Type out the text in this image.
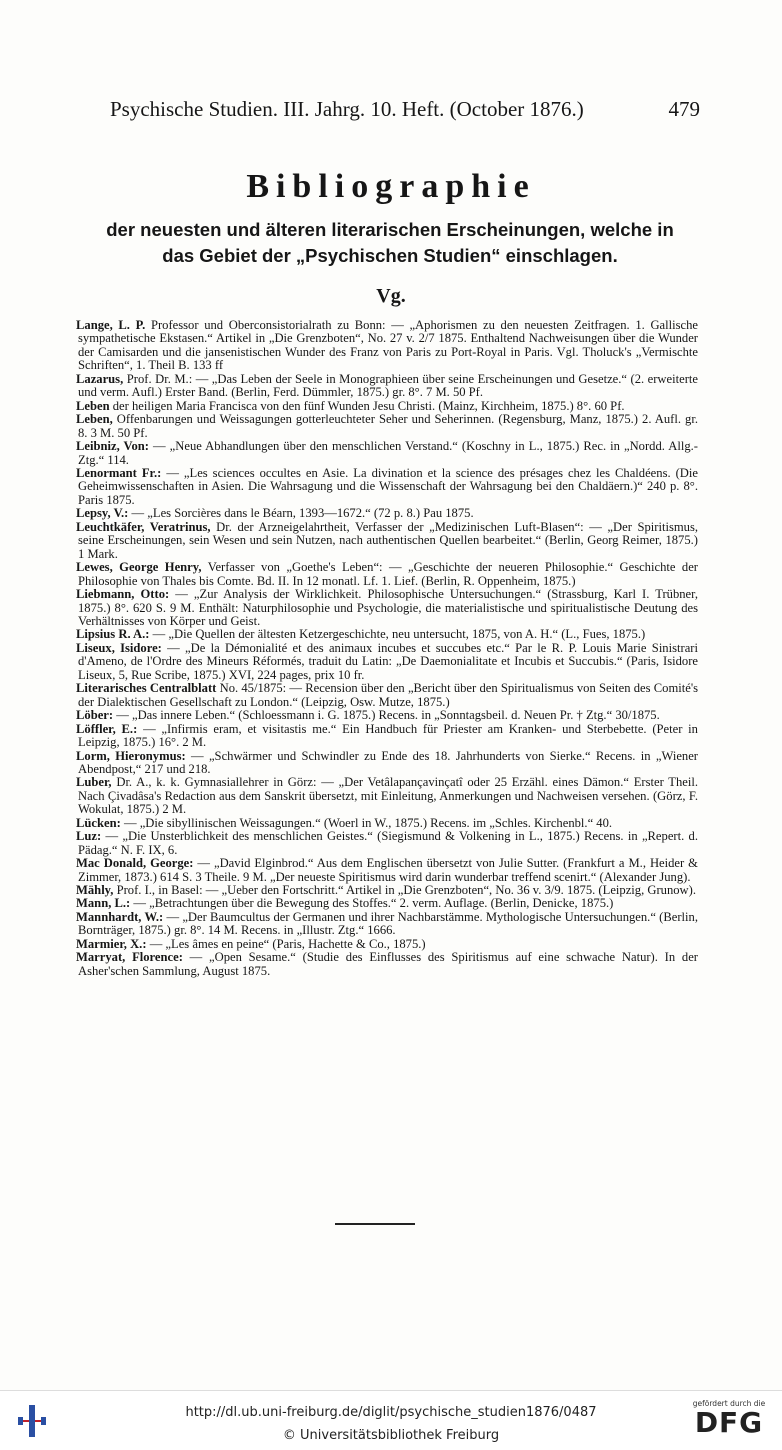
Psychische Studien. III. Jahrg. 10. Heft. (October 1876.)	479
Bibliographie
der neuesten und älteren literarischen Erscheinungen, welche in
das Gebiet der „Psychischen Studien“ einschlagen.
Vg.

Lange, L. P. Professor und Oberconsistorialrath zu Bonn: — „Aphorismen zu den neuesten Zeitfragen. 1. Gallische sympathetische Ekstasen.“ Artikel in „Die Grenzboten“, No. 27 v. 2/7 1875. Enthaltend Nachweisungen über die Wunder der Camisarden und die jansenistischen Wunder des Franz von Paris zu Port-Royal in Paris. Vgl. Tholuck's „Vermischte Schriften“, 1. Theil B. 133 ff

Lazarus, Prof. Dr. M.: — „Das Leben der Seele in Monographieen über seine Erscheinungen und Gesetze.“ (2. erweiterte und verm. Aufl.) Erster Band. (Berlin, Ferd. Dümmler, 1875.) gr. 8°. 7 M. 50 Pf.

Leben der heiligen Maria Francisca von den fünf Wunden Jesu Christi. (Mainz, Kirchheim, 1875.) 8°. 60 Pf.

Leben, Offenbarungen und Weissagungen gotterleuchteter Seher und Seherinnen. (Regensburg, Manz, 1875.) 2. Aufl. gr. 8. 3 M. 50 Pf.

Leibniz, Von: — „Neue Abhandlungen über den menschlichen Verstand.“ (Koschny in L., 1875.) Rec. in „Nordd. Allg.-Ztg.“ 114.

Lenormant Fr.: — „Les sciences occultes en Asie. La divination et la science des présages chez les Chaldéens. (Die Geheimwissenschaften in Asien. Die Wahrsagung und die Wissenschaft der Wahrsagung bei den Chaldäern.)“ 240 p. 8°. Paris 1875.

Lepsy, V.: — „Les Sorcières dans le Béarn, 1393—1672.“ (72 p. 8.) Pau 1875.

Leuchtkäfer, Veratrinus, Dr. der Arzneigelahrtheit, Verfasser der „Medizinischen Luft-Blasen“: — „Der Spiritismus, seine Erscheinungen, sein Wesen und sein Nutzen, nach authentischen Quellen bearbeitet.“ (Berlin, Georg Reimer, 1875.) 1 Mark.

Lewes, George Henry, Verfasser von „Goethe's Leben“: — „Geschichte der neueren Philosophie.“ Geschichte der Philosophie von Thales bis Comte. Bd. II. In 12 monatl. Lf. 1. Lief. (Berlin, R. Oppenheim, 1875.)

Liebmann, Otto: — „Zur Analysis der Wirklichkeit. Philosophische Untersuchungen.“ (Strassburg, Karl I. Trübner, 1875.) 8°. 620 S. 9 M. Enthält: Naturphilosophie und Psychologie, die materialistische und spiritualistische Deutung des Verhältnisses von Körper und Geist.

Lipsius R. A.: — „Die Quellen der ältesten Ketzergeschichte, neu untersucht, 1875, von A. H.“ (L., Fues, 1875.)

Liseux, Isidore: — „De la Démonialité et des animaux incubes et succubes etc.“ Par le R. P. Louis Marie Sinistrari d'Ameno, de l'Ordre des Mineurs Réformés, traduit du Latin: „De Daemonialitate et Incubis et Succubis.“ (Paris, Isidore Liseux, 5, Rue Scribe, 1875.) XVI, 224 pages, prix 10 fr.

Literarisches Centralblatt No. 45/1875: — Recension über den „Bericht über den Spiritualismus von Seiten des Comité's der Dialektischen Gesellschaft zu London.“ (Leipzig, Osw. Mutze, 1875.)

Löber: — „Das innere Leben.“ (Schloessmann i. G. 1875.) Recens. in „Sonntagsbeil. d. Neuen Pr. † Ztg.“ 30/1875.

Löffler, E.: — „Infirmis eram, et visitastis me.“ Ein Handbuch für Priester am Kranken- und Sterbebette. (Peter in Leipzig, 1875.) 16°. 2 M.

Lorm, Hieronymus: — „Schwärmer und Schwindler zu Ende des 18. Jahrhunderts von Sierke.“ Recens. in „Wiener Abendpost,“ 217 und 218.

Luber, Dr. A., k. k. Gymnasiallehrer in Görz: — „Der Vetâlapançavinçatî oder 25 Erzähl. eines Dämon.“ Erster Theil. Nach Çivadâsa's Redaction aus dem Sanskrit übersetzt, mit Einleitung, Anmerkungen und Nachweisen versehen. (Görz, F. Wokulat, 1875.) 2 M.

Lücken: — „Die sibyllinischen Weissagungen.“ (Woerl in W., 1875.) Recens. im „Schles. Kirchenbl.“ 40.

Luz: — „Die Unsterblichkeit des menschlichen Geistes.“ (Siegismund & Volkening in L., 1875.) Recens. in „Repert. d. Pädag.“ N. F. IX, 6.

Mac Donald, George: — „David Elginbrod.“ Aus dem Englischen übersetzt von Julie Sutter. (Frankfurt a M., Heider & Zimmer, 1873.) 614 S. 3 Theile. 9 M. „Der neueste Spiritismus wird darin wunderbar treffend scenirt.“ (Alexander Jung).

Mähly, Prof. I., in Basel: — „Ueber den Fortschritt.“ Artikel in „Die Grenzboten“, No. 36 v. 3/9. 1875. (Leipzig, Grunow).

Mann, L.: — „Betrachtungen über die Bewegung des Stoffes.“ 2. verm. Auflage. (Berlin, Denicke, 1875.)

Mannhardt, W.: — „Der Baumcultus der Germanen und ihrer Nachbarstämme. Mythologische Untersuchungen.“ (Berlin, Bornträger, 1875.) gr. 8°. 14 M. Recens. in „Illustr. Ztg.“ 1666.

Marmier, X.: — „Les âmes en peine“ (Paris, Hachette & Co., 1875.)

Marryat, Florence: — „Open Sesame.“ (Studie des Einflusses des Spiritismus auf eine schwache Natur). In der Asher'schen Sammlung, August 1875.

http://dl.ub.uni-freiburg.de/diglit/psychische_studien1876/0487
© Universitätsbibliothek Freiburg
gefördert durch die
DFG
